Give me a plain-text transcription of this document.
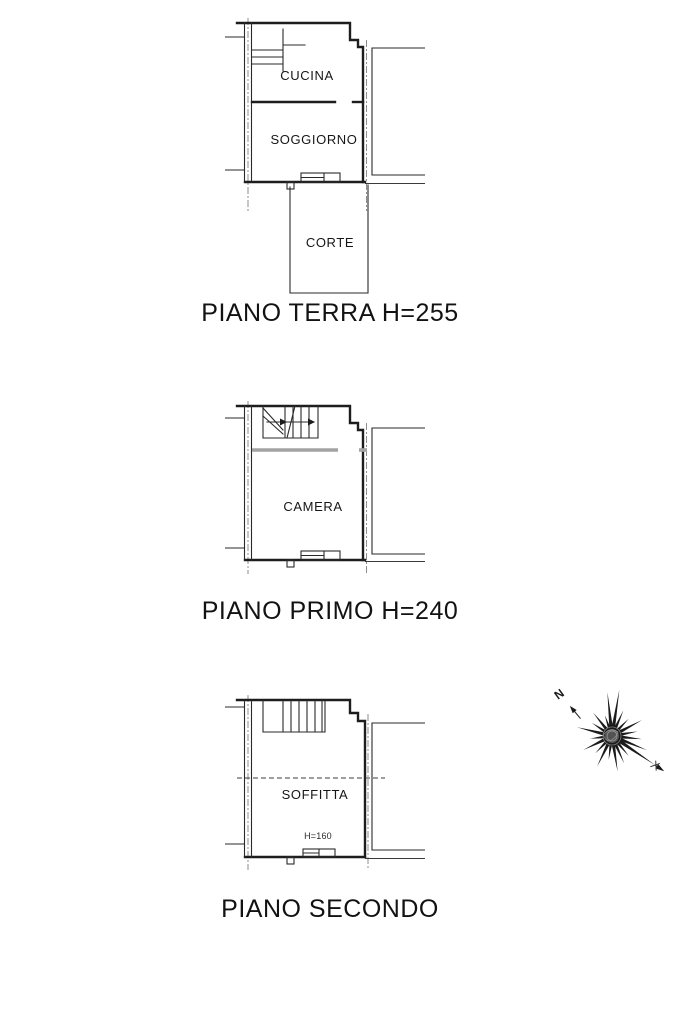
CUCINA
SOGGIORNO
CORTE
PIANO TERRA H=255
CAMERA
PIANO PRIMO H=240
SOFFITTA
H=160
PIANO SECONDO
N
